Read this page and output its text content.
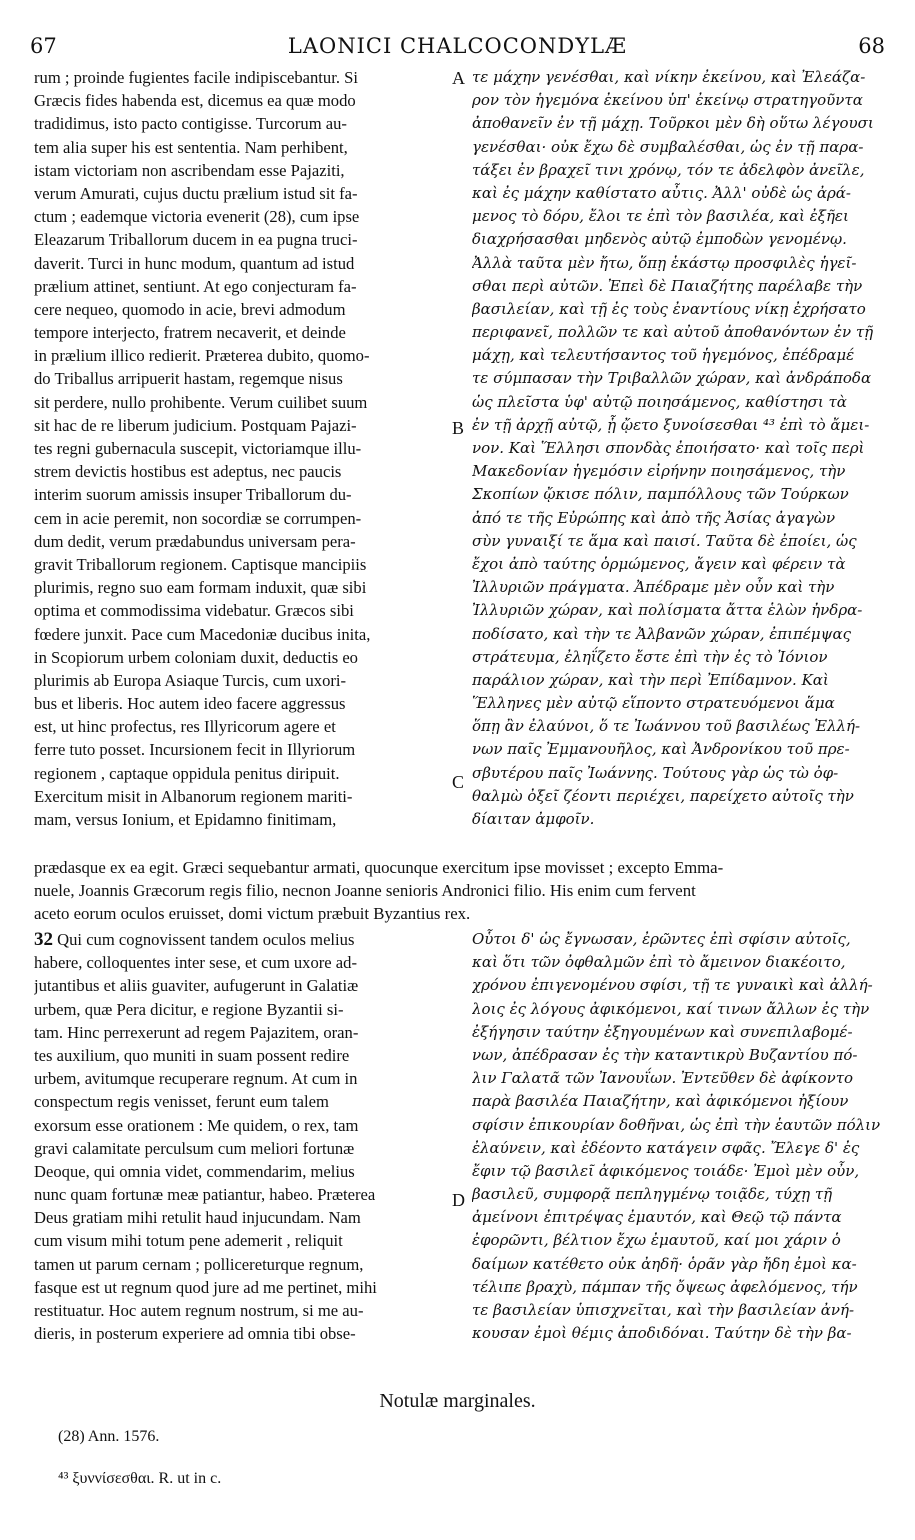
67	LAONICI CHALCOCONDYLÆ	68
rum ; proinde fugientes facile indipiscebantur. Si
Græcis fides habenda est, dicemus ea quæ modo
tradidimus, isto pacto contigisse. Turcorum au-
tem alia super his est sententia. Nam perhibent,
istam victoriam non ascribendam esse Pajaziti,
verum Amurati, cujus ductu prælium istud sit fa-
ctum ; eademque victoria evenerit (28), cum ipse
Eleazarum Triballorum ducem in ea pugna truci-
daverit. Turci in hunc modum, quantum ad istud
prælium attinet, sentiunt. At ego conjecturam fa-
cere nequeo, quomodo in acie, brevi admodum
tempore interjecto, fratrem necaverit, et deinde
in prælium illico redierit. Præterea dubito, quomo-
do Triballus arripuerit hastam, regemque nisus
sit perdere, nullo prohibente. Verum cuilibet suum
sit hac de re liberum judicium. Postquam Pajazi-
tes regni gubernacula suscepit, victoriamque illu-
strem devictis hostibus est adeptus, nec paucis
interim suorum amissis insuper Triballorum du-
cem in acie peremit, non socordiæ se corrumpen-
dum dedit, verum prædabundus universam pera-
gravit Triballorum regionem. Captisque mancipiis
plurimis, regno suo eam formam induxit, quæ sibi
optima et commodissima videbatur. Græcos sibi
fœdere junxit. Pace cum Macedoniæ ducibus inita,
in Scopiorum urbem coloniam duxit, deductis eo
plurimis ab Europa Asiaque Turcis, cum uxori-
bus et liberis. Hoc autem ideo facere aggressus
est, ut hinc profectus, res Illyricorum agere et
ferre tuto posset. Incursionem fecit in Illyriorum
regionem , captaque oppidula penitus diripuit.
Exercitum misit in Albanorum regionem mariti-
mam, versus Ionium, et Epidamno finitimam,
τε μάχην γενέσθαι, καὶ νίκην ἐκείνου, καὶ Ἐλεάζα-
ρον τὸν ἡγεμόνα ἐκείνου ὑπ' ἐκείνῳ στρατηγοῦντα
ἀποθανεῖν ἐν τῇ μάχῃ. Τοῦρκοι μὲν δὴ οὕτω λέγουσι
γενέσθαι· οὐκ ἔχω δὲ συμβαλέσθαι, ὡς ἐν τῇ παρα-
τάξει ἐν βραχεῖ τινι χρόνῳ, τόν τε ἀδελφὸν ἀνεῖλε,
καὶ ἐς μάχην καθίστατο αὖτις. Ἀλλ' οὐδὲ ὡς ἀρά-
μενος τὸ δόρυ, ἔλοι τε ἐπὶ τὸν βασιλέα, καὶ ἐξῆει
διαχρήσασθαι μηδενὸς αὐτῷ ἐμποδὼν γενομένῳ.
Ἀλλὰ ταῦτα μὲν ἤτω, ὅπῃ ἑκάστῳ προσφιλὲς ἡγεῖ-
σθαι περὶ αὐτῶν. Ἐπεὶ δὲ Παιαζήτης παρέλαβε τὴν
βασιλείαν, καὶ τῇ ἐς τοὺς ἐναντίους νίκῃ ἐχρήσατο
περιφανεῖ, πολλῶν τε καὶ αὐτοῦ ἀποθανόντων ἐν τῇ
μάχῃ, καὶ τελευτήσαντος τοῦ ἡγεμόνος, ἐπέδραμέ
τε σύμπασαν τὴν Τριβαλλῶν χώραν, καὶ ἀνδράποδα
ὡς πλεῖστα ὑφ' αὐτῷ ποιησάμενος, καθίστησι τὰ
ἐν τῇ ἀρχῇ αὐτῷ, ᾗ ᾤετο ξυνοίσεσθαι ⁴³ ἐπὶ τὸ ἄμει-
νον. Καὶ Ἕλλησι σπονδὰς ἐποιήσατο· καὶ τοῖς περὶ
Μακεδονίαν ἡγεμόσιν εἰρήνην ποιησάμενος, τὴν
Σκοπίων ᾤκισε πόλιν, παμπόλλους τῶν Τούρκων
ἀπό τε τῆς Εὐρώπης καὶ ἀπὸ τῆς Ἀσίας ἀγαγὼν
σὺν γυναιξί τε ἅμα καὶ παισί. Ταῦτα δὲ ἐποίει, ὡς
ἔχοι ἀπὸ ταύτης ὁρμώμενος, ἄγειν καὶ φέρειν τὰ
Ἰλλυριῶν πράγματα. Ἀπέδραμε μὲν οὖν καὶ τὴν
Ἰλλυριῶν χώραν, καὶ πολίσματα ἄττα ἑλὼν ἠνδρα-
ποδίσατο, καὶ τὴν τε Ἀλβανῶν χώραν, ἐπιπέμψας
στράτευμα, ἐληΐζετο ἔστε ἐπὶ τὴν ἐς τὸ Ἰόνιον
παράλιον χώραν, καὶ τὴν περὶ Ἐπίδαμνον. Καὶ
Ἕλληνες μὲν αὐτῷ εἵποντο στρατευόμενοι ἅμα
ὅπῃ ἂν ἐλαύνοι, ὅ τε Ἰωάννου τοῦ βασιλέως Ἑλλή-
νων παῖς Ἐμμανουῆλος, καὶ Ἀνδρονίκου τοῦ πρε-
σβυτέρου παῖς Ἰωάννης. Τούτους γὰρ ὡς τὼ ὀφ-
θαλμὼ ὀξεῖ ζέοντι περιέχει, παρείχετο αὐτοῖς τὴν
δίαιταν ἀμφοῖν.
A
B
C
D
prædasque ex ea egit. Græci sequebantur armati, quocunque exercitum ipse movisset ; excepto Emma-
nuele, Joannis Græcorum regis filio, necnon Joanne senioris Andronici filio. His enim cum fervent
aceto eorum oculos eruisset, domi victum præbuit Byzantius rex.
32 Qui cum cognovissent tandem oculos melius
habere, colloquentes inter sese, et cum uxore ad-
jutantibus et aliis guaviter, aufugerunt in Galatiæ
urbem, quæ Pera dicitur, e regione Byzantii si-
tam. Hinc perrexerunt ad regem Pajazitem, oran-
tes auxilium, quo muniti in suam possent redire
urbem, avitumque recuperare regnum. At cum in
conspectum regis venisset, ferunt eum talem
exorsum esse orationem : Me quidem, o rex, tam
gravi calamitate perculsum cum meliori fortunæ
Deoque, qui omnia videt, commendarim, melius
nunc quam fortunæ meæ patiantur, habeo. Præterea
Deus gratiam mihi retulit haud injucundam. Nam
cum visum mihi totum pene ademerit , reliquit
tamen ut parum cernam ; pollicereturque regnum,
fasque est ut regnum quod jure ad me pertinet, mihi
restituatur. Hoc autem regnum nostrum, si me au-
dieris, in posterum experiere ad omnia tibi obse-
Οὗτοι δ' ὡς ἔγνωσαν, ἐρῶντες ἐπὶ σφίσιν αὐτοῖς,
καὶ ὅτι τῶν ὀφθαλμῶν ἐπὶ τὸ ἄμεινον διακέοιτο,
χρόνου ἐπιγενομένου σφίσι, τῇ τε γυναικὶ καὶ ἀλλή-
λοις ἐς λόγους ἀφικόμενοι, καί τινων ἄλλων ἐς τὴν
ἐξήγησιν ταύτην ἐξηγουμένων καὶ συνεπιλαβομέ-
νων, ἀπέδρασαν ἐς τὴν καταντικρὺ Βυζαντίου πό-
λιν Γαλατᾶ τῶν Ἰανουΐων. Ἐντεῦθεν δὲ ἀφίκοντο
παρὰ βασιλέα Παιαζήτην, καὶ ἀφικόμενοι ἠξίουν
σφίσιν ἐπικουρίαν δοθῆναι, ὡς ἐπὶ τὴν ἑαυτῶν πόλιν
ἐλαύνειν, καὶ ἐδέοντο κατάγειν σφᾶς. Ἔλεγε δ' ἐς
ἔφιν τῷ βασιλεῖ ἀφικόμενος τοιάδε· Ἐμοὶ μὲν οὖν,
βασιλεῦ, συμφορᾷ πεπληγμένῳ τοιᾷδε, τύχῃ τῇ
ἀμείνονι ἐπιτρέψας ἐμαυτόν, καὶ Θεῷ τῷ πάντα
ἐφορῶντι, βέλτιον ἔχω ἐμαυτοῦ, καί μοι χάριν ὁ
δαίμων κατέθετο οὐκ ἀηδῆ· ὁρᾶν γὰρ ἤδη ἐμοὶ κα-
τέλιπε βραχὺ, πάμπαν τῆς ὄψεως ἀφελόμενος, τήν
τε βασιλείαν ὑπισχνεῖται, καὶ τὴν βασιλείαν ἀνή-
κουσαν ἐμοὶ θέμις ἀποδιδόναι. Ταύτην δὲ τὴν βα-
Notulæ marginales.
(28) Ann. 1576.
⁴³ ξυννίσεσθαι. R. ut in c.
